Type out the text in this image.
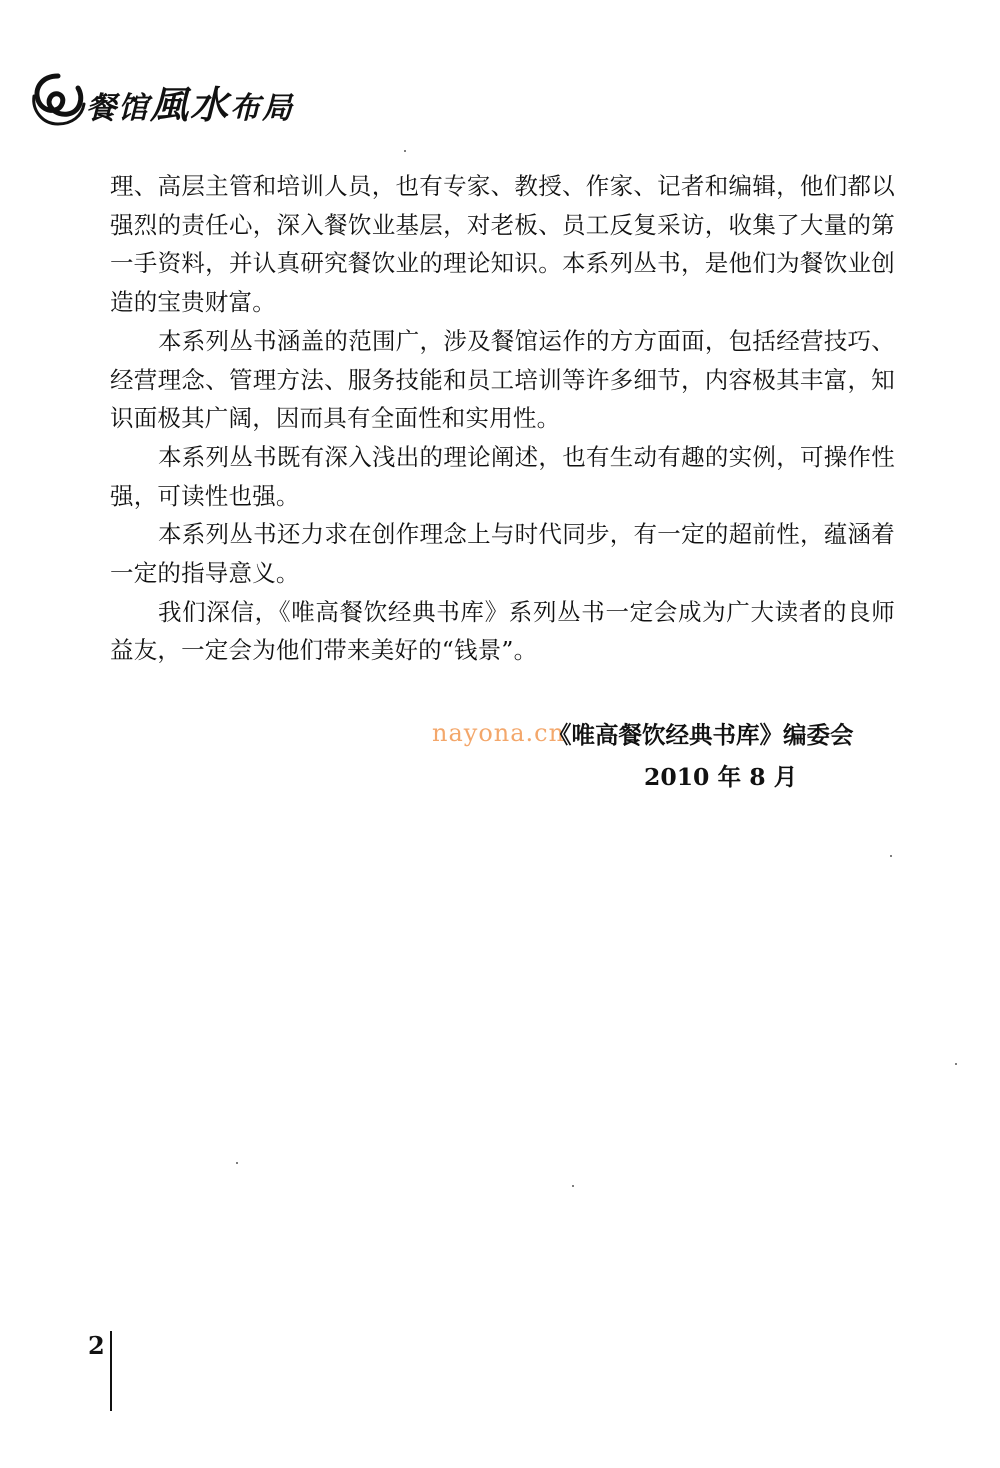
餐馆風水布局

理、高层主管和培训人员，也有专家、教授、作家、记者和编辑，他们都以强烈的责任心，深入餐饮业基层，对老板、员工反复采访，收集了大量的第一手资料，并认真研究餐饮业的理论知识。本系列丛书，是他们为餐饮业创造的宝贵财富。

本系列丛书涵盖的范围广，涉及餐馆运作的方方面面，包括经营技巧、经营理念、管理方法、服务技能和员工培训等许多细节，内容极其丰富，知识面极其广阔，因而具有全面性和实用性。

本系列丛书既有深入浅出的理论阐述，也有生动有趣的实例，可操作性强，可读性也强。

本系列丛书还力求在创作理念上与时代同步，有一定的超前性，蕴涵着一定的指导意义。

我们深信，《唯高餐饮经典书库》系列丛书一定会成为广大读者的良师益友，一定会为他们带来美好的“钱景”。

nayona.cn
《唯高餐饮经典书库》编委会
2010 年 8 月
2
